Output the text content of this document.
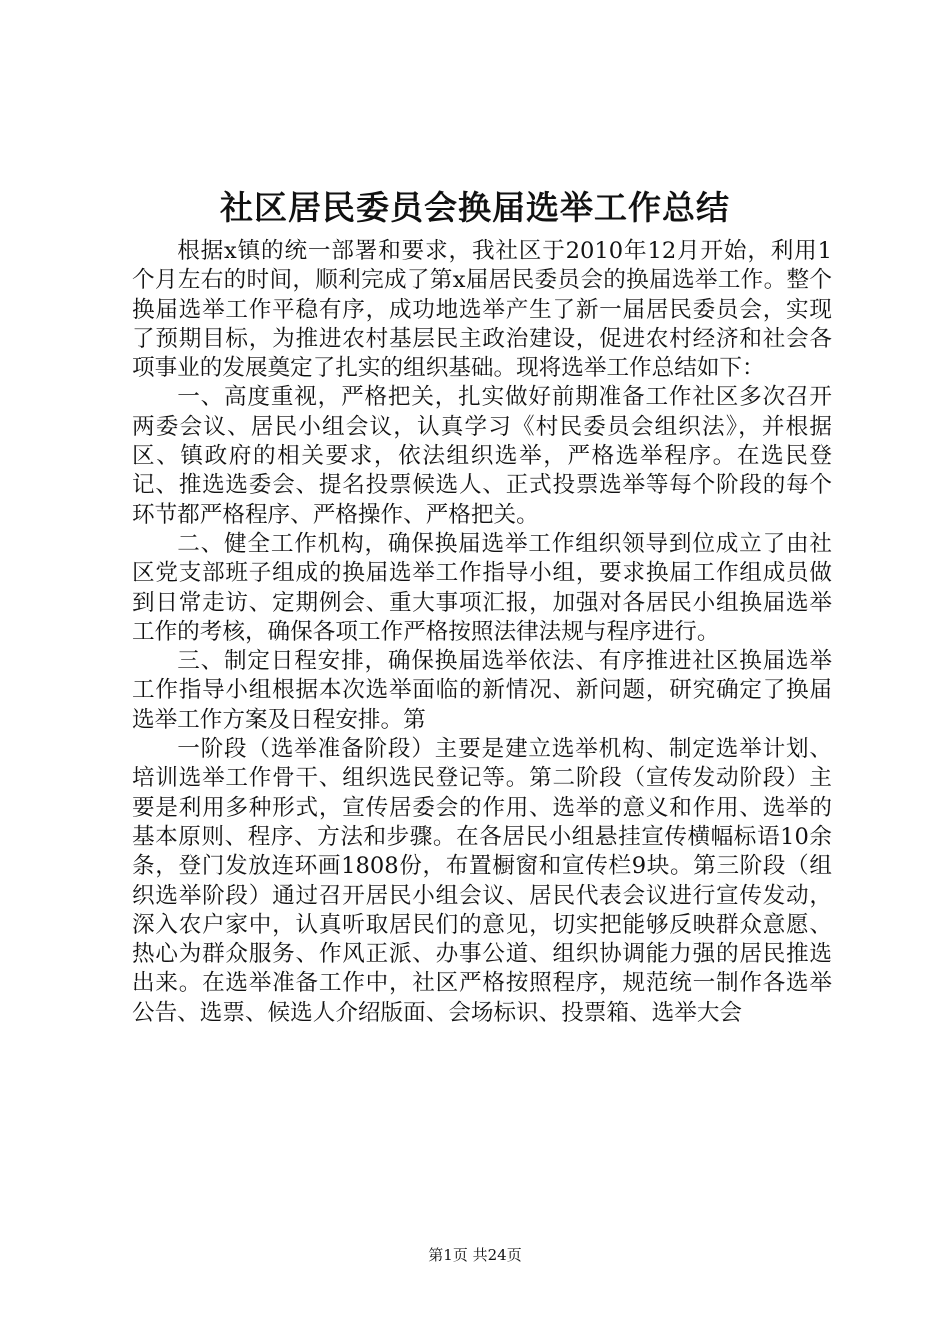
社区居民委员会换届选举工作总结

根据x镇的统一部署和要求，我社区于2010年12月开始，利用1个月左右的时间，顺利完成了第x届居民委员会的换届选举工作。整个换届选举工作平稳有序，成功地选举产生了新一届居民委员会，实现了预期目标，为推进农村基层民主政治建设，促进农村经济和社会各项事业的发展奠定了扎实的组织基础。现将选举工作总结如下：

一、高度重视，严格把关，扎实做好前期准备工作社区多次召开两委会议、居民小组会议，认真学习《村民委员会组织法》，并根据区、镇政府的相关要求，依法组织选举，严格选举程序。在选民登记、推选选委会、提名投票候选人、正式投票选举等每个阶段的每个环节都严格程序、严格操作、严格把关。

二、健全工作机构，确保换届选举工作组织领导到位成立了由社区党支部班子组成的换届选举工作指导小组，要求换届工作组成员做到日常走访、定期例会、重大事项汇报，加强对各居民小组换届选举工作的考核，确保各项工作严格按照法律法规与程序进行。

三、制定日程安排，确保换届选举依法、有序推进社区换届选举工作指导小组根据本次选举面临的新情况、新问题，研究确定了换届选举工作方案及日程安排。第

一阶段（选举准备阶段）主要是建立选举机构、制定选举计划、培训选举工作骨干、组织选民登记等。第二阶段（宣传发动阶段）主要是利用多种形式，宣传居委会的作用、选举的意义和作用、选举的基本原则、程序、方法和步骤。在各居民小组悬挂宣传横幅标语10余条，登门发放连环画1808份，布置橱窗和宣传栏9块。第三阶段（组织选举阶段）通过召开居民小组会议、居民代表会议进行宣传发动，深入农户家中，认真听取居民们的意见，切实把能够反映群众意愿、热心为群众服务、作风正派、办事公道、组织协调能力强的居民推选出来。在选举准备工作中，社区严格按照程序，规范统一制作各选举公告、选票、候选人介绍版面、会场标识、投票箱、选举大会

第1页 共24页
